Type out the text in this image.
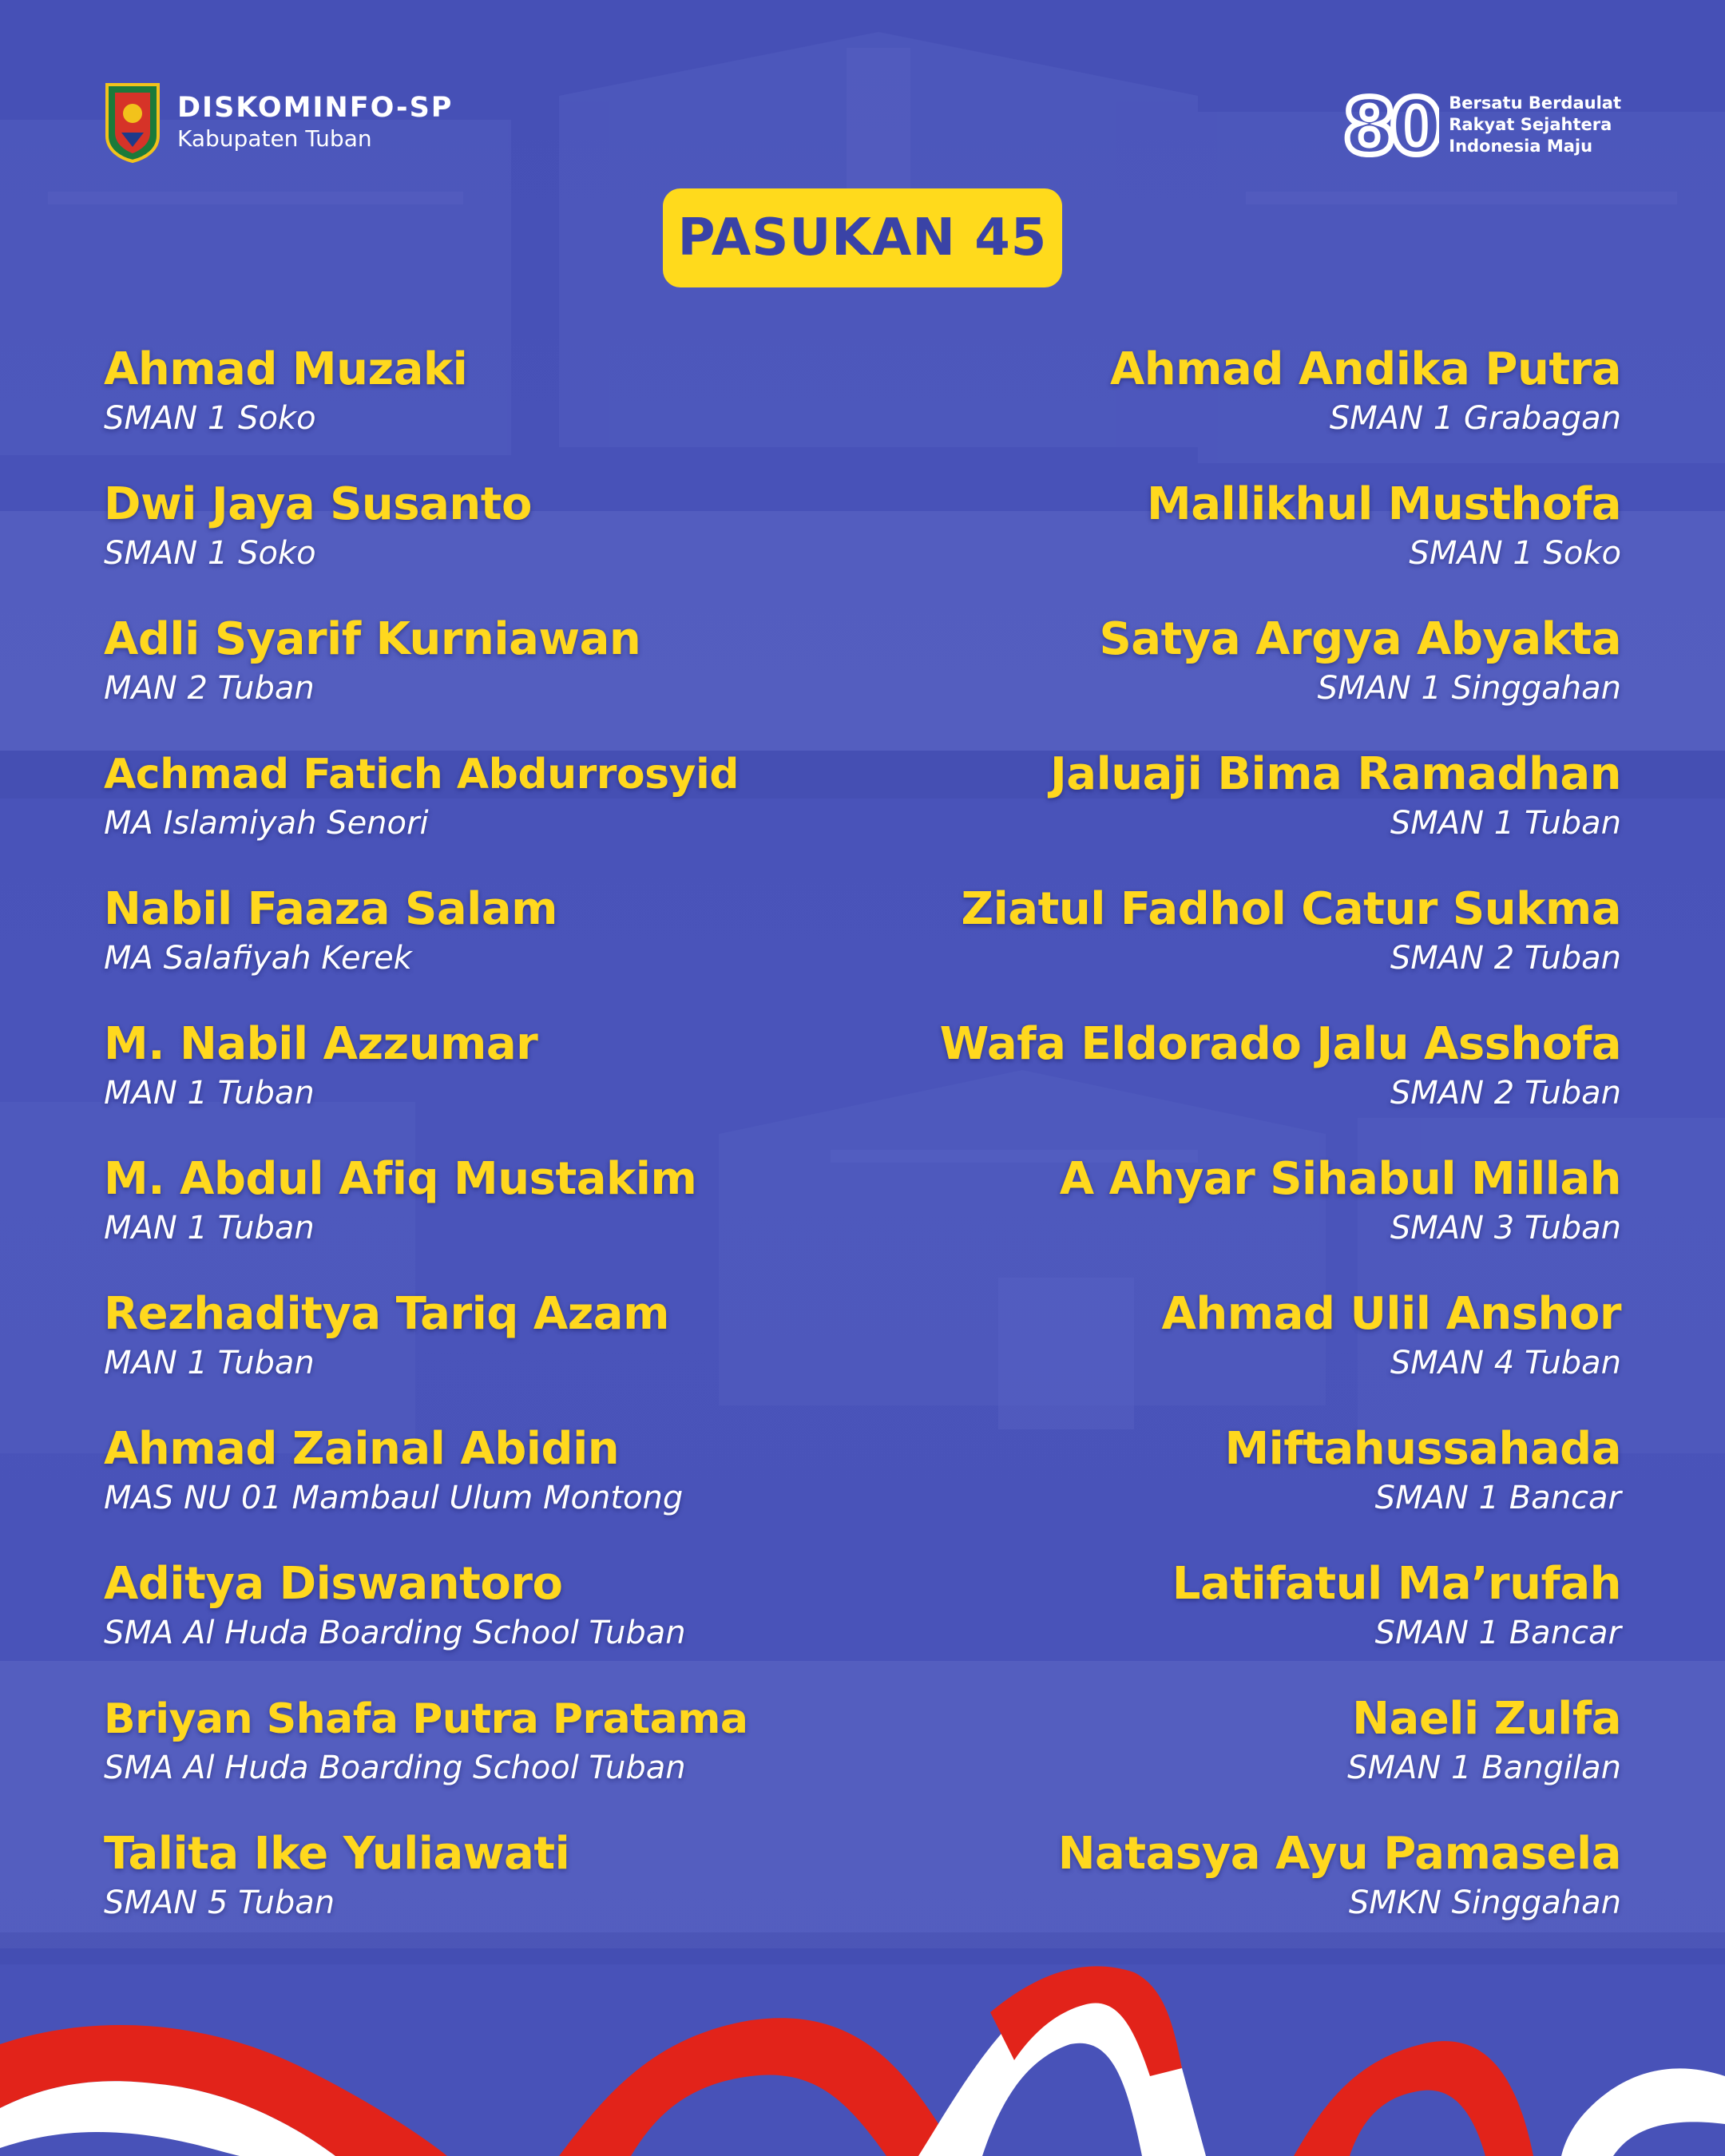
DISKOMINFO-SP
Kabupaten Tuban	80 Bersatu Berdaulat
Rakyat Sejahtera
Indonesia Maju
PASUKAN 45
Ahmad Muzaki
SMAN 1 Soko
Dwi Jaya Susanto
SMAN 1 Soko
Adli Syarif Kurniawan
MAN 2 Tuban
Achmad Fatich Abdurrosyid
MA Islamiyah Senori
Nabil Faaza Salam
MA Salafiyah Kerek
M. Nabil Azzumar
MAN 1 Tuban
M. Abdul Afiq Mustakim
MAN 1 Tuban
Rezhaditya Tariq Azam
MAN 1 Tuban
Ahmad Zainal Abidin
MAS NU 01 Mambaul Ulum Montong
Aditya Diswantoro
SMA Al Huda Boarding School Tuban
Briyan Shafa Putra Pratama
SMA Al Huda Boarding School Tuban
Talita Ike Yuliawati
SMAN 5 Tuban
Ahmad Andika Putra
SMAN 1 Grabagan
Mallikhul Musthofa
SMAN 1 Soko
Satya Argya Abyakta
SMAN 1 Singgahan
Jaluaji Bima Ramadhan
SMAN 1 Tuban
Ziatul Fadhol Catur Sukma
SMAN 2 Tuban
Wafa Eldorado Jalu Asshofa
SMAN 2 Tuban
A Ahyar Sihabul Millah
SMAN 3 Tuban
Ahmad Ulil Anshor
SMAN 4 Tuban
Miftahussahada
SMAN 1 Bancar
Latifatul Ma’rufah
SMAN 1 Bancar
Naeli Zulfa
SMAN 1 Bangilan
Natasya Ayu Pamasela
SMKN Singgahan
